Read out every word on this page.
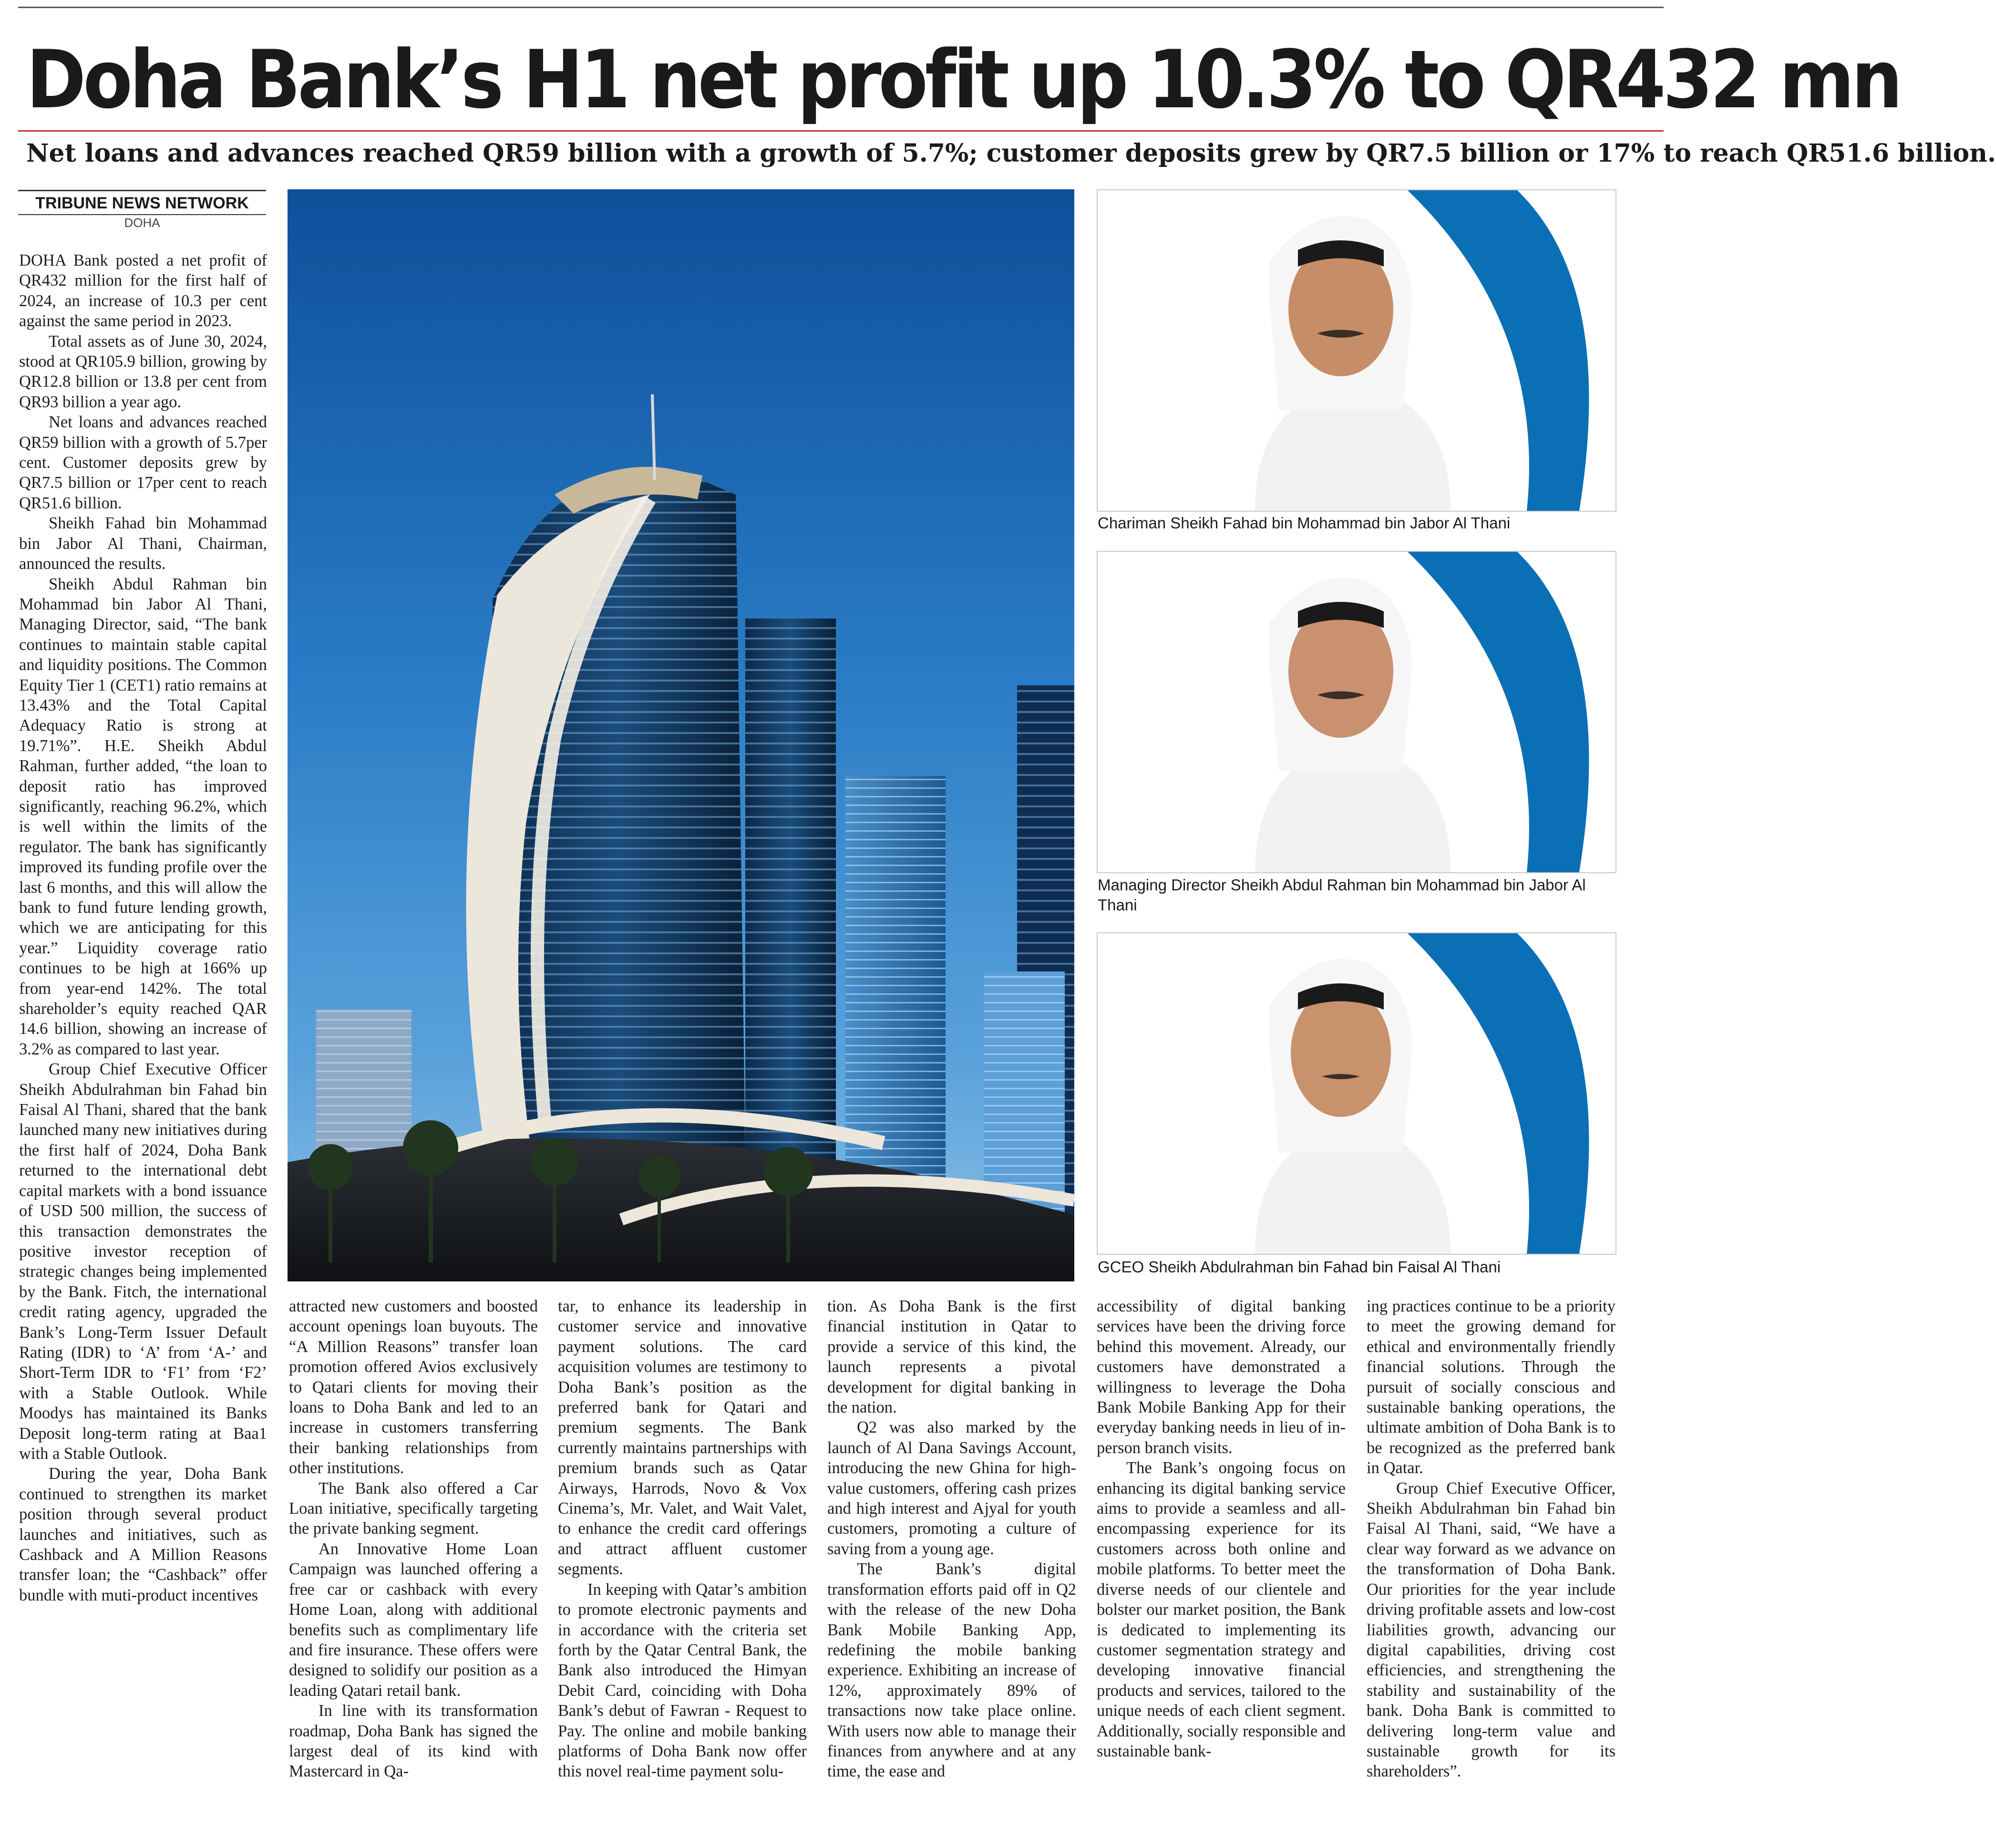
Doha Bank’s H1 net profit up 10.3% to QR432 mn
Net loans and advances reached QR59 billion with a growth of 5.7%; customer deposits grew by QR7.5 billion or 17% to reach QR51.6 billion.
TRIBUNE NEWS NETWORK
DOHA
Chariman Sheikh Fahad bin Mohammad bin Jabor Al Thani
Managing Director Sheikh Abdul Rahman bin Mohammad bin Jabor Al Thani
GCEO Sheikh Abdulrahman bin Fahad bin Faisal Al Thani

DOHA Bank posted a net profit of QR432 million for the first half of 2024, an increase of 10.3 per cent against the same period in 2023.

Total assets as of June 30, 2024, stood at QR105.9 billion, growing by QR12.8 billion or 13.8 per cent from QR93 billion a year ago.

Net loans and advances reached QR59 billion with a growth of 5.7per cent. Customer deposits grew by QR7.5 billion or 17per cent to reach QR51.6 billion.

Sheikh Fahad bin Mohammad bin Jabor Al Thani, Chairman, announced the results.

Sheikh Abdul Rahman bin Mohammad bin Jabor Al Thani, Managing Director, said, “The bank continues to maintain stable capital and liquidity positions. The Common Equity Tier 1 (CET1) ratio remains at 13.43% and the Total Capital Adequacy Ratio is strong at 19.71%”. H.E. Sheikh Abdul Rahman, further added, “the loan to deposit ratio has improved significantly, reaching 96.2%, which is well within the limits of the regulator. The bank has significantly improved its funding profile over the last 6 months, and this will allow the bank to fund future lending growth, which we are anticipating for this year.” Liquidity coverage ratio continues to be high at 166% up from year-end 142%. The total shareholder’s equity reached QAR 14.6 billion, showing an increase of 3.2% as compared to last year.

Group Chief Executive Officer Sheikh Abdulrahman bin Fahad bin Faisal Al Thani, shared that the bank launched many new initiatives during the first half of 2024, Doha Bank returned to the international debt capital markets with a bond issuance of USD 500 million, the success of this transaction demonstrates the positive investor reception of strategic changes being implemented by the Bank. Fitch, the international credit rating agency, upgraded the Bank’s Long-Term Issuer Default Rating (IDR) to ‘A’ from ‘A-’ and Short-Term IDR to ‘F1’ from ‘F2’ with a Stable Outlook. While Moodys has maintained its Banks Deposit long-term rating at Baa1 with a Stable Outlook.

During the year, Doha Bank continued to strengthen its market position through several product launches and initiatives, such as Cashback and A Million Reasons transfer loan; the “Cashback” offer bundle with muti-product incentives

attracted new customers and boosted account openings loan buyouts. The “A Million Reasons” transfer loan promotion offered Avios exclusively to Qatari clients for moving their loans to Doha Bank and led to an increase in customers transferring their banking relationships from other institutions.

The Bank also offered a Car Loan initiative, specifically targeting the private banking segment.

An Innovative Home Loan Campaign was launched offering a free car or cashback with every Home Loan, along with additional benefits such as complimentary life and fire insurance. These offers were designed to solidify our position as a leading Qatari retail bank.

In line with its transformation roadmap, Doha Bank has signed the largest deal of its kind with Mastercard in Qa-

tar, to enhance its leadership in customer service and innovative payment solutions. The card acquisition volumes are testimony to Doha Bank’s position as the preferred bank for Qatari and premium segments. The Bank currently maintains partnerships with premium brands such as Qatar Airways, Harrods, Novo & Vox Cinema’s, Mr. Valet, and Wait Valet, to enhance the credit card offerings and attract affluent customer segments.

In keeping with Qatar’s ambition to promote electronic payments and in accordance with the criteria set forth by the Qatar Central Bank, the Bank also introduced the Himyan Debit Card, coinciding with Doha Bank’s debut of Fawran - Request to Pay. The online and mobile banking platforms of Doha Bank now offer this novel real-time payment solu-

tion. As Doha Bank is the first financial institution in Qatar to provide a service of this kind, the launch represents a pivotal development for digital banking in the nation.

Q2 was also marked by the launch of Al Dana Savings Account, introducing the new Ghina for high-value customers, offering cash prizes and high interest and Ajyal for youth customers, promoting a culture of saving from a young age.

The Bank’s digital transformation efforts paid off in Q2 with the release of the new Doha Bank Mobile Banking App, redefining the mobile banking experience. Exhibiting an increase of 12%, approximately 89% of transactions now take place online. With users now able to manage their finances from anywhere and at any time, the ease and

accessibility of digital banking services have been the driving force behind this movement. Already, our customers have demonstrated a willingness to leverage the Doha Bank Mobile Banking App for their everyday banking needs in lieu of in-person branch visits.

The Bank’s ongoing focus on enhancing its digital banking service aims to provide a seamless and all-encompassing experience for its customers across both online and mobile platforms. To better meet the diverse needs of our clientele and bolster our market position, the Bank is dedicated to implementing its customer segmentation strategy and developing innovative financial products and services, tailored to the unique needs of each client segment. Additionally, socially responsible and sustainable bank-

ing practices continue to be a priority to meet the growing demand for ethical and environmentally friendly financial solutions. Through the pursuit of socially conscious and sustainable banking operations, the ultimate ambition of Doha Bank is to be recognized as the preferred bank in Qatar.

Group Chief Executive Officer, Sheikh Abdulrahman bin Fahad bin Faisal Al Thani, said, “We have a clear way forward as we advance on the transformation of Doha Bank. Our priorities for the year include driving profitable assets and low-cost liabilities growth, advancing our digital capabilities, driving cost efficiencies, and strengthening the stability and sustainability of the bank. Doha Bank is committed to delivering long-term value and sustainable growth for its shareholders”.
